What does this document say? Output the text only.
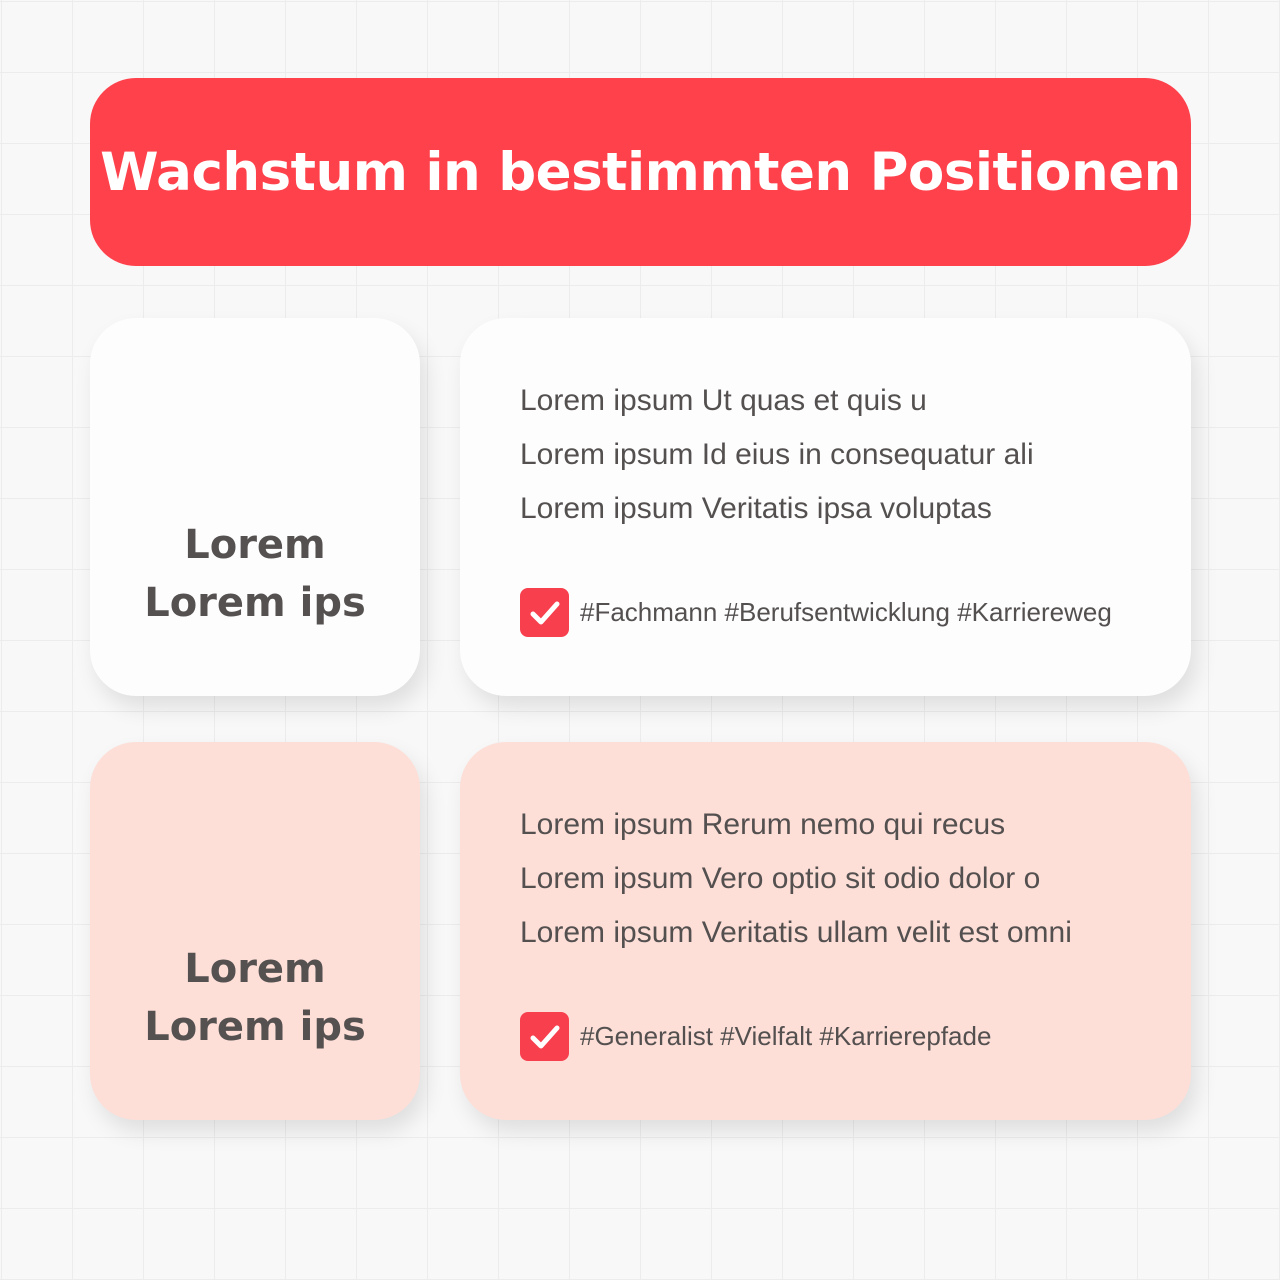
Wachstum in bestimmten Positionen
Lorem
Lorem ips
Lorem ipsum Ut quas et quis u
Lorem ipsum Id eius in consequatur ali
Lorem ipsum Veritatis ipsa voluptas
#Fachmann #Berufsentwicklung #Karriereweg
Lorem
Lorem ips
Lorem ipsum Rerum nemo qui recus
Lorem ipsum Vero optio sit odio dolor o
Lorem ipsum Veritatis ullam velit est omni
#Generalist #Vielfalt #Karrierepfade
